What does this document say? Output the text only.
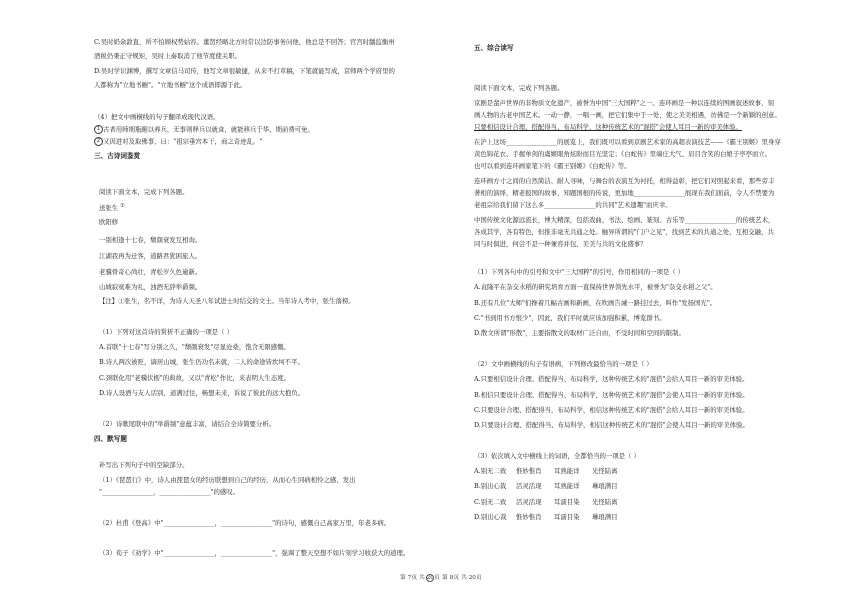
C.吴时奶余敦直，所不怕顾权势姑容。董贤经略北方时常以边防事务问他，他总是不回答；官宫时龋监衡州
酒税仍秉正守规矩，吴时上奏取消了他节度使关职。
D.吴时学识渊博，撰写文章信马司传，他写文章很敏捷，从来不打草稿，下笔就能写成，京师两个学府里的
人都称为"立地书橱"。"立地书橱"这个成语即源于此。
（4）把文中画横线的句子翻译成现代汉语。
1 古者用师期瓶醒以养兵，无事则释兵以就食，就能移兵于华，期前费可免。
2 又因进对及取佛事，曰："祖宗垂宫本干，商之奇迹乱。"
三、古诗词鉴赏
阅读下面文本，完成下列各题。
送张生 ①
欧阳修
一别相逢十七春，颓颜衰发互相询。
江湖我再为迁客，道路君犹困旅人。
老骥骨奇心尚壮，青松岁久色逾新。
山城寂寞难为礼，浊酒无辞举爵频。
【注】①张生，名不详，为诗人天圣八年试进士时结交的文士。当年诗人考中，张生落榜。
（1）下列对这首诗的赏析不正确的一项是（ ）
A.首联"十七春"写分别之久，"颓颜衰发"尽显沧桑，饱含无限感慨。
B.诗人两次被贬，谪居山城，张生仍功名未就，二人的命途皆坎坷不平。
C.颈联化用"老骥伏枥"的典故，又以"青松"作比，来表明人生态度。
D.诗人设酒与友人话别，道满过往，畅想未来，诉说了彼此的远大抱负。
（2）诗歌尾联中的"举爵频"意蕴丰富，请结合全诗简要分析。
四、默写题
补写出下列句子中的空缺部分。
（1）《琵琶行》中，诗人由琵琶女的经历联想到自己的经历，从而心生同病相怜之感，发出
"________________，________________"的感叹。
（2）杜甫《登高》中"________________，________________"的诗句，感慨自己高家万里，年老多病。
（3）荀子《劝学》中"________________，________________"，强调了整天空想不如片刻学习收获大的道理。
第 7页 共 20页 第 8页 共 20页
五、综合读写
阅读下面文本，完成下列各题。
京剧是蜚声世界的非物质文化遗产，被誉为中国"三大国粹"之一。连环画是一种以连续的图画叙述故事、刻
画人物的古老中国艺术。一动一静，一唱一画，把它们集中于一处，使之美美相遇，彷佛是一个新颖的创意。
只要相信设计合理、搭配得当、布局科学，这种传统艺术的"混搭"会使人耳目一新的审美体验。
在沪上这场________________的展览上，我们既可以看到京剧艺术家的高超表演技艺——《霸王别姬》里身穿
黄色锦花衣、手握单剑的虞姬眼角炫盼而目光坚定；《白蛇传》里端庄大气、眉目含笑的白娘子亭亭而立。
也可以看到连环画家笔下的《霸王别姬》《白蛇传》等。
连环画方寸之间的自然简洁、耐人寻味，与舞台的表演互为衬托，相得益彰，把它们对照起来看，那些旁丰
著相的演绎，精老报国的故事，知题国根的传说，更加地________________展现在我们面前，令人不禁要为
老祖宗给我们留下这么多________________的共同"艺术遗趣"而庆幸。
中国传统文化源远流长，博大精深，包括戏曲、书法、绘画、篆刻、古乐等________________的传统艺术，
各成其学，各有特色，但推非毫无共通之处。触异所谓的"门户之见"，找到艺术的共通之处，互相交融，共
同与时俱进，何尝不是一种兼容并包、美美与共的文化盛事？
（1）下列各句中的引号和文中"三大国粹"的引号，作用相同的一项是（ ）
A.袁隆平在杂交水稻的研究培育方面一直保持世界领先水平，被誉为"杂交水稻之父"。
B.还有几位"大师"们搀着几幅古画和新画，在吹画告诫一路挂过去，叫作"发扬国光"。
C."书到用书方恨少"，因此，我们平时就应该加强积累，博览群书。
D.散文所谓"形散"，主要指散文的取材广泛自由，不受时间和空间的限制。
（2）文中画横线的句子有语病，下列修改最恰当的一项是（ ）
A.只要相信设计合理、搭配得当、布局科学，这种传统艺术的"混搭"会给人耳目一新的审美体验。
B.相信只要设计合理、搭配得当、布局科学，这种传统艺术的"混搭"会使人耳目一新的审美体验。
C.只要设计合理、搭配得当，布局科学，相信这种传统艺术的"混搭"会给人耳目一新的审美体验。
D.只要设计合理、搭配得当、布局科学，相信这种传统艺术的"混搭"会使人耳目一新的审美体验。
（3）依次填入文中横线上的词语，全都恰当的一项是（ ）
A.别无二致 惟妙惟肖 耳熟能详 光怪陆离
B.别出心裁 活灵活现 耳熟能详 琳琅满目
C.别无二致 活灵活现 耳濡目染 光怪陆离
D.别出心裁 惟妙惟肖 耳濡目染 琳琅满目
